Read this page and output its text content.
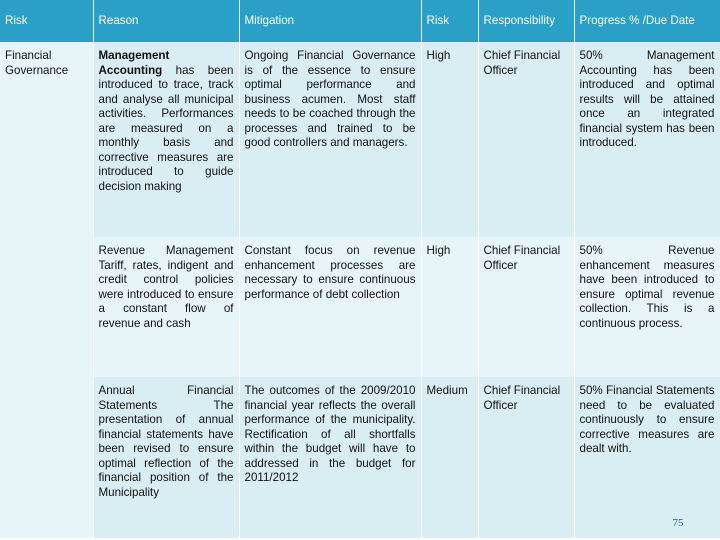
Risk	Reason	Mitigation	Risk	Responsibility	Progress % /Due Date
Financial Governance	Management Accounting has been introduced to trace, track and analyse all municipal activities. Performances are measured on a monthly basis and corrective measures are introduced to guide decision making	Ongoing Financial Governance is of the essence to ensure optimal performance and business acumen. Most staff needs to be coached through the processes and trained to be good controllers and managers.	High	Chief Financial Officer	50% Management Accounting has been introduced and optimal results will be attained once an integrated financial system has been introduced.
	Revenue Management Tariff, rates, indigent and credit control policies were introduced to ensure a constant flow of revenue and cash	Constant focus on revenue enhancement processes are necessary to ensure continuous performance of debt collection	High	Chief Financial Officer	50% Revenue enhancement measures have been introduced to ensure optimal revenue collection. This is a continuous process.
	Annual Financial Statements The presentation of annual financial statements have been revised to ensure optimal reflection of the financial position of the Municipality	The outcomes of the 2009/2010 financial year reflects the overall performance of the municipality. Rectification of all shortfalls within the budget will have to addressed in the budget for 2011/2012	Medium	Chief Financial Officer	50% Financial Statements need to be evaluated continuously to ensure corrective measures are dealt with.
75
